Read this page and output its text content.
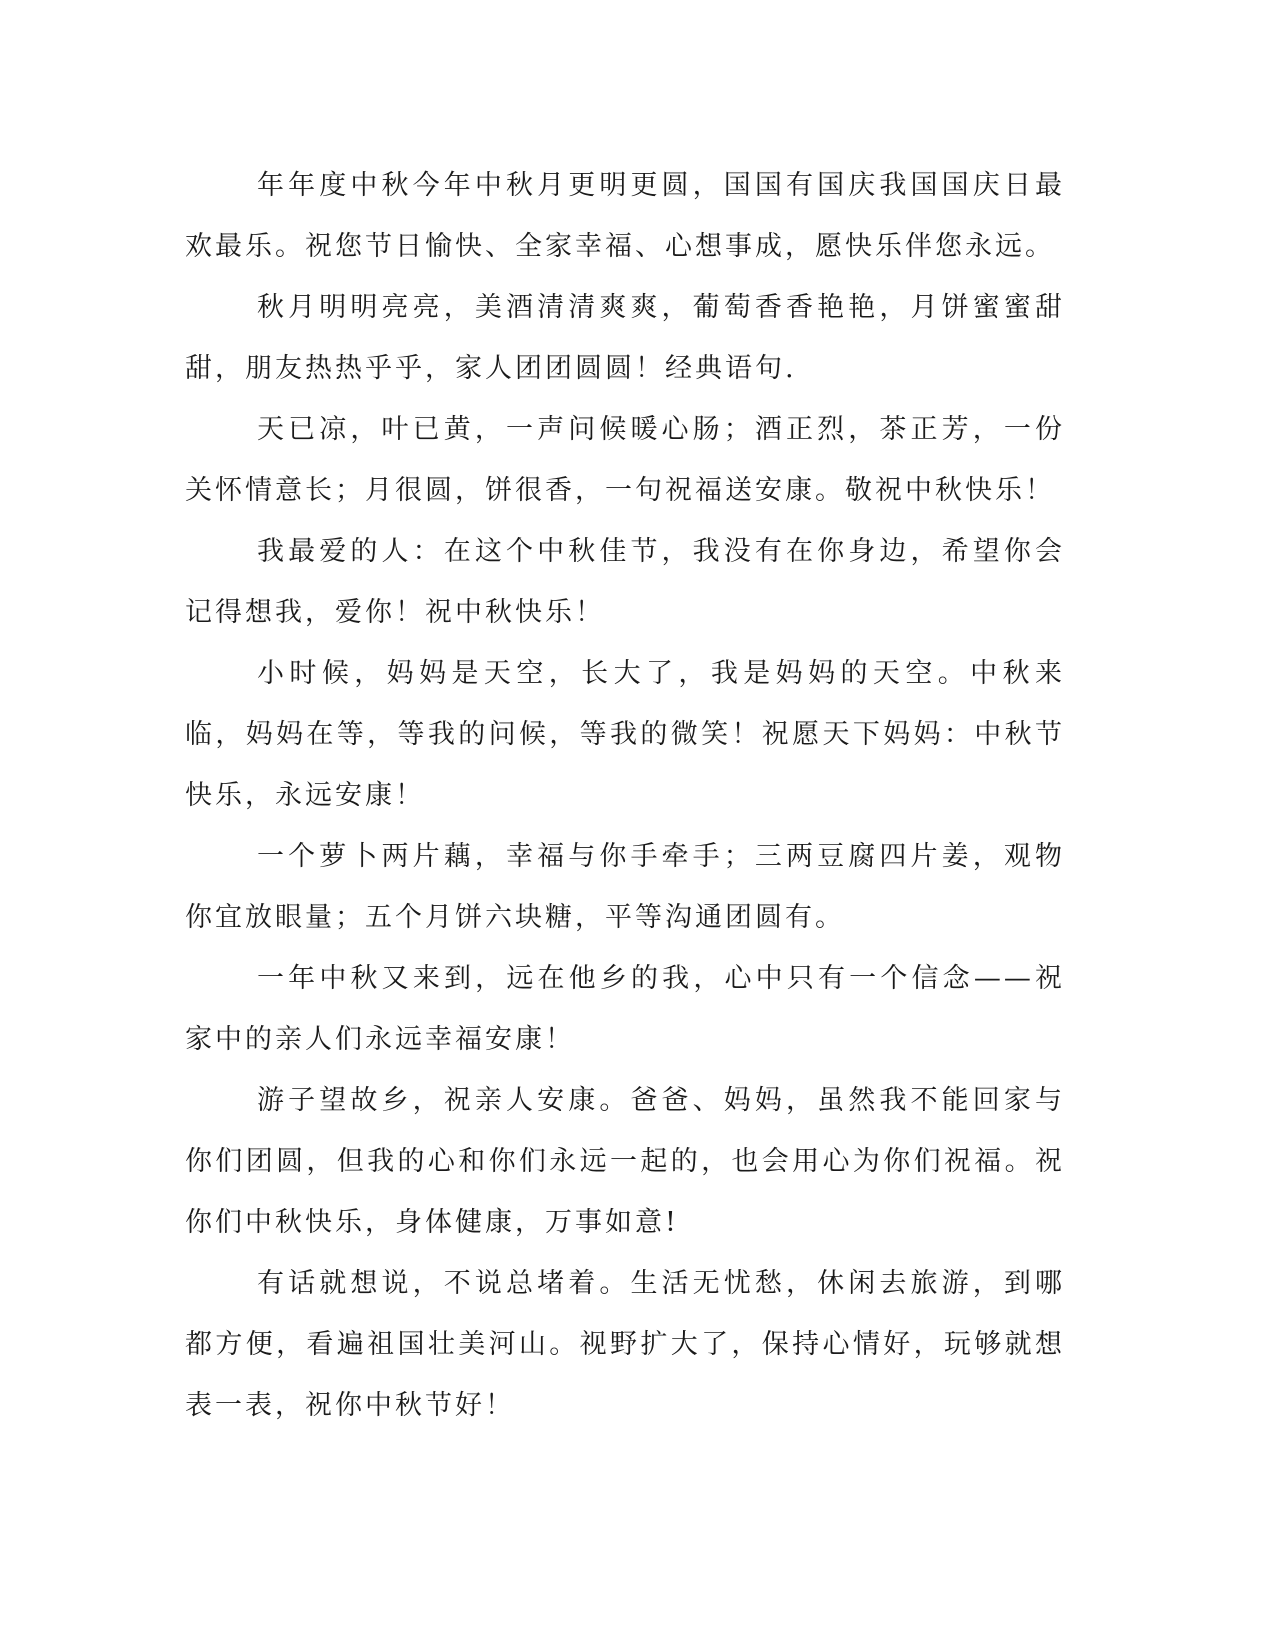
年年度中秋今年中秋月更明更圆，国国有国庆我国国庆日最欢最乐。祝您节日愉快、全家幸福、心想事成，愿快乐伴您永远。

秋月明明亮亮，美酒清清爽爽，葡萄香香艳艳，月饼蜜蜜甜甜，朋友热热乎乎，家人团团圆圆！经典语句.

天已凉，叶已黄，一声问候暖心肠；酒正烈，茶正芳，一份关怀情意长；月很圆，饼很香，一句祝福送安康。敬祝中秋快乐！

我最爱的人：在这个中秋佳节，我没有在你身边，希望你会记得想我，爱你！祝中秋快乐！

小时候，妈妈是天空，长大了，我是妈妈的天空。中秋来临，妈妈在等，等我的问候，等我的微笑！祝愿天下妈妈：中秋节快乐，永远安康！

一个萝卜两片藕，幸福与你手牵手；三两豆腐四片姜，观物你宜放眼量；五个月饼六块糖，平等沟通团圆有。

一年中秋又来到，远在他乡的我，心中只有一个信念——祝家中的亲人们永远幸福安康！

游子望故乡，祝亲人安康。爸爸、妈妈，虽然我不能回家与你们团圆，但我的心和你们永远一起的，也会用心为你们祝福。祝你们中秋快乐，身体健康，万事如意!

有话就想说，不说总堵着。生活无忧愁，休闲去旅游，到哪都方便，看遍祖国壮美河山。视野扩大了，保持心情好，玩够就想表一表，祝你中秋节好！
